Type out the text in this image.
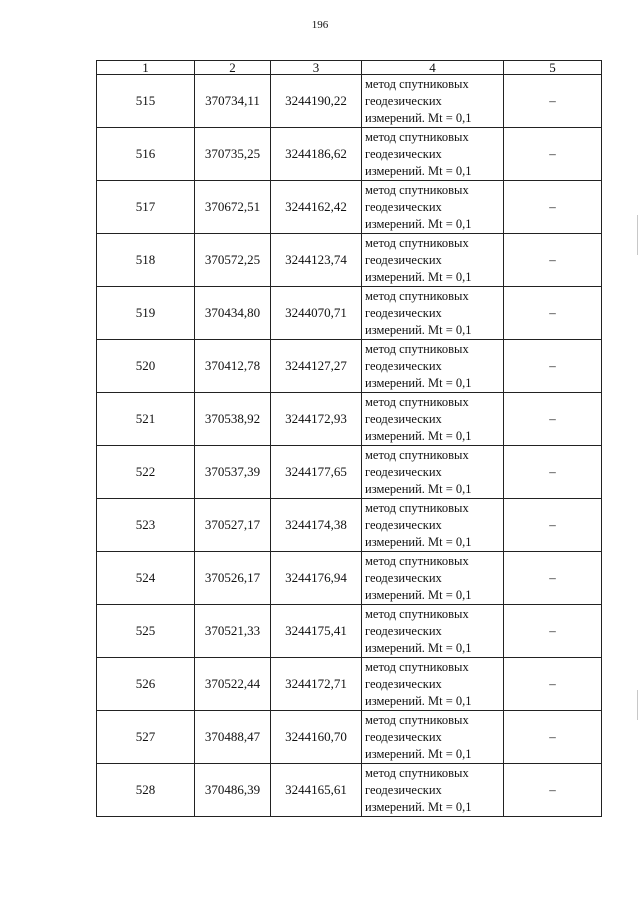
196
1	2	3	4	5
515	370734,11	3244190,22	метод спутниковых
геодезических
измерений. Mt = 0,1	–
516	370735,25	3244186,62	метод спутниковых
геодезических
измерений. Mt = 0,1	–
517	370672,51	3244162,42	метод спутниковых
геодезических
измерений. Mt = 0,1	–
518	370572,25	3244123,74	метод спутниковых
геодезических
измерений. Mt = 0,1	–
519	370434,80	3244070,71	метод спутниковых
геодезических
измерений. Mt = 0,1	–
520	370412,78	3244127,27	метод спутниковых
геодезических
измерений. Mt = 0,1	–
521	370538,92	3244172,93	метод спутниковых
геодезических
измерений. Mt = 0,1	–
522	370537,39	3244177,65	метод спутниковых
геодезических
измерений. Mt = 0,1	–
523	370527,17	3244174,38	метод спутниковых
геодезических
измерений. Mt = 0,1	–
524	370526,17	3244176,94	метод спутниковых
геодезических
измерений. Mt = 0,1	–
525	370521,33	3244175,41	метод спутниковых
геодезических
измерений. Mt = 0,1	–
526	370522,44	3244172,71	метод спутниковых
геодезических
измерений. Mt = 0,1	–
527	370488,47	3244160,70	метод спутниковых
геодезических
измерений. Mt = 0,1	–
528	370486,39	3244165,61	метод спутниковых
геодезических
измерений. Mt = 0,1	–
